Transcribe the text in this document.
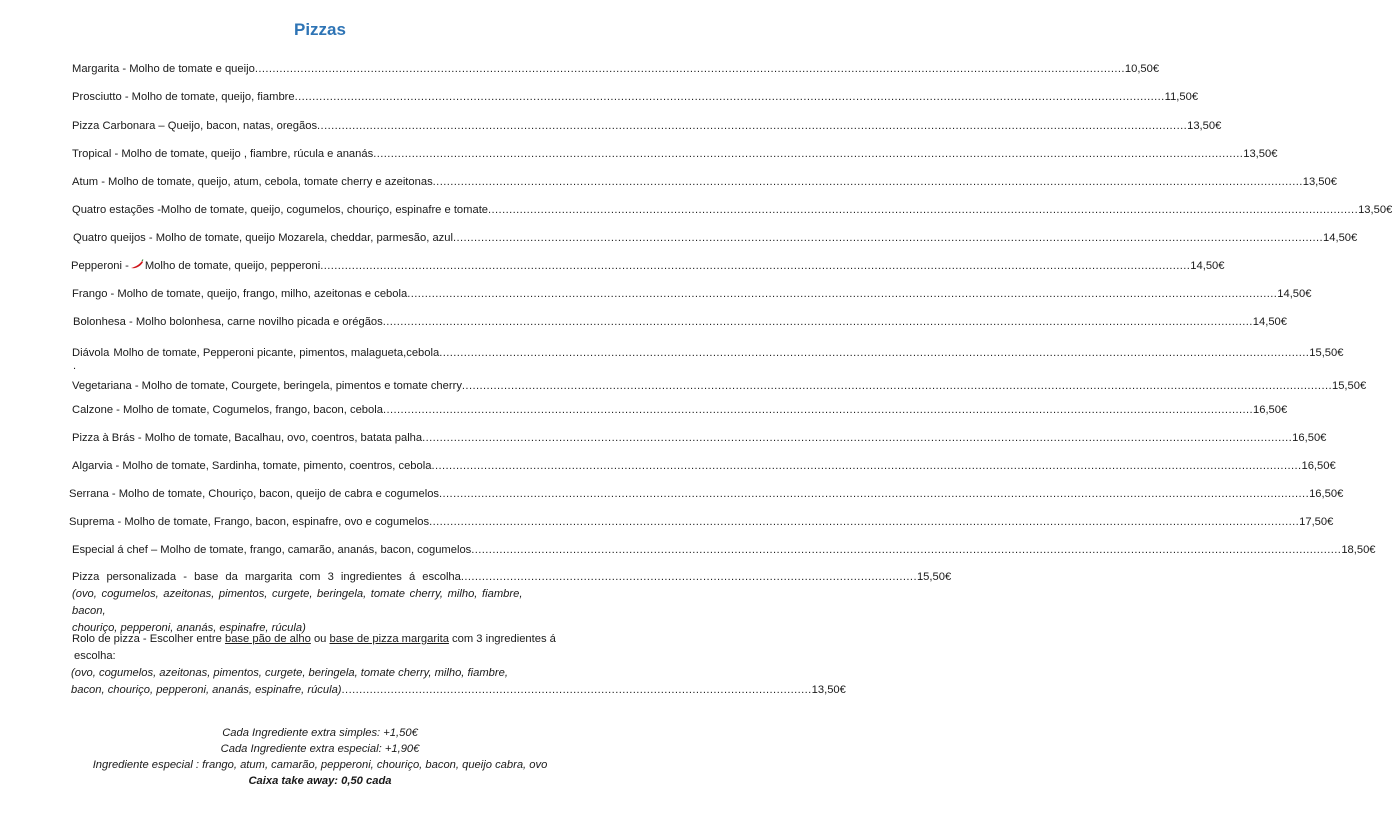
Pizzas
Margarita - Molho de tomate e queijo .....	10,50€
Prosciutto - Molho de tomate, queijo, fiambre .....	11,50€
Pizza Carbonara – Queijo, bacon, natas, oregãos .....	13,50€
Tropical - Molho de tomate, queijo , fiambre, rúcula e ananás .....	13,50€
Atum - Molho de tomate, queijo, atum, cebola, tomate cherry e azeitonas .....	13,50€
Quatro estações -Molho de tomate, queijo, cogumelos, chouriço, espinafre e tomate .....	13,50€
Quatro queijos - Molho de tomate, queijo Mozarela, cheddar, parmesão, azul .....	14,50€
Pepperoni - Molho de tomate, queijo, pepperoni .....	14,50€
Frango - Molho de tomate, queijo, frango, milho, azeitonas e cebola .....	14,50€
Bolonhesa - Molho bolonhesa, carne novilho picada e orégãos .....	14,50€
Diávola Molho de tomate, Pepperoni picante, pimentos, malagueta,cebola .....	15,50€
.
Vegetariana - Molho de tomate, Courgete, beringela, pimentos e tomate cherry .....	15,50€
Calzone - Molho de tomate, Cogumelos, frango, bacon, cebola .....	16,50€
Pizza à Brás - Molho de tomate, Bacalhau, ovo, coentros, batata palha .....	16,50€
Algarvia - Molho de tomate, Sardinha, tomate, pimento, coentros, cebola .....	16,50€
Serrana - Molho de tomate, Chouriço, bacon, queijo de cabra e cogumelos .....	16,50€
Suprema - Molho de tomate, Frango, bacon, espinafre, ovo e cogumelos .....	17,50€
Especial á chef – Molho de tomate, frango, camarão, ananás, bacon, cogumelos .....	18,50€
Pizza personalizada - base da margarita com 3 ingredientes á escolha .................................................................................................................................. 15,50€
(ovo, cogumelos, azeitonas, pimentos, curgete, beringela, tomate cherry, milho, fiambre, bacon,
chouriço, pepperoni, ananás, espinafre, rúcula)
Rolo de pizza - Escolher entre base pão de alho ou base de pizza margarita com 3 ingredientes á
escolha:
(ovo, cogumelos, azeitonas, pimentos, curgete, beringela, tomate cherry, milho, fiambre,
bacon, chouriço, pepperoni, ananás, espinafre, rúcula) ...................................................................................................................................... 13,50€
Cada Ingrediente extra simples: +1,50€
Cada Ingrediente extra especial: +1,90€
Ingrediente especial : frango, atum, camarão, pepperoni, chouriço, bacon, queijo cabra, ovo
Caixa take away: 0,50 cada
